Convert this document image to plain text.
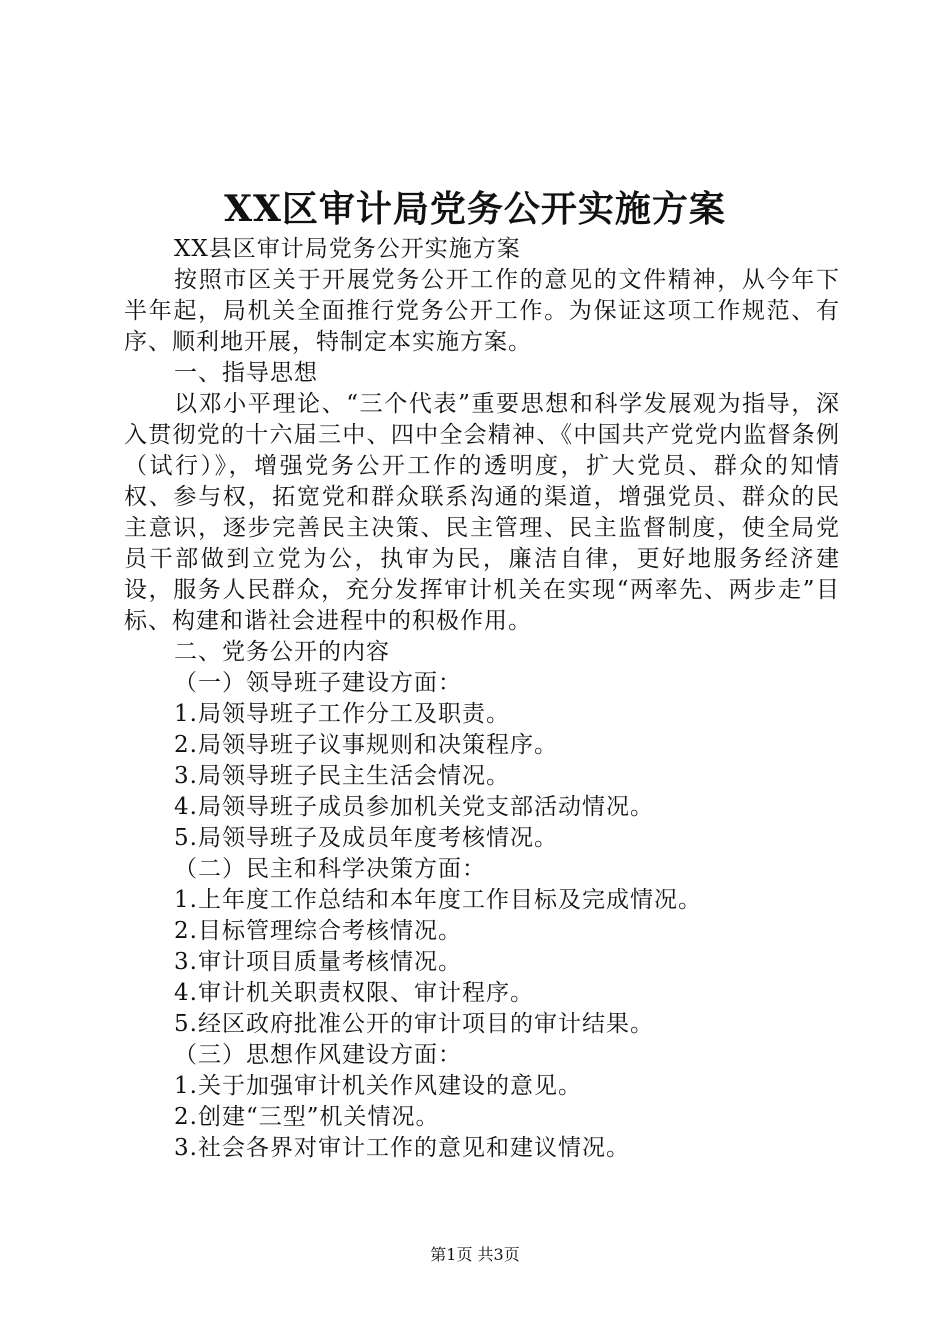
XX区审计局党务公开实施方案

XX县区审计局党务公开实施方案

按照市区关于开展党务公开工作的意见的文件精神，从今年下半年起，局机关全面推行党务公开工作。为保证这项工作规范、有序、顺利地开展，特制定本实施方案。

一、指导思想

以邓小平理论、“三个代表”重要思想和科学发展观为指导，深入贯彻党的十六届三中、四中全会精神、《中国共产党党内监督条例（试行）》，增强党务公开工作的透明度，扩大党员、群众的知情权、参与权，拓宽党和群众联系沟通的渠道，增强党员、群众的民主意识，逐步完善民主决策、民主管理、民主监督制度，使全局党员干部做到立党为公，执审为民，廉洁自律，更好地服务经济建设，服务人民群众，充分发挥审计机关在实现“两率先、两步走”目标、构建和谐社会进程中的积极作用。

二、党务公开的内容

（一）领导班子建设方面：

1.局领导班子工作分工及职责。

2.局领导班子议事规则和决策程序。

3.局领导班子民主生活会情况。

4.局领导班子成员参加机关党支部活动情况。

5.局领导班子及成员年度考核情况。

（二）民主和科学决策方面：

1.上年度工作总结和本年度工作目标及完成情况。

2.目标管理综合考核情况。

3.审计项目质量考核情况。

4.审计机关职责权限、审计程序。

5.经区政府批准公开的审计项目的审计结果。

（三）思想作风建设方面：

1.关于加强审计机关作风建设的意见。

2.创建“三型”机关情况。

3.社会各界对审计工作的意见和建议情况。

第1页 共3页
